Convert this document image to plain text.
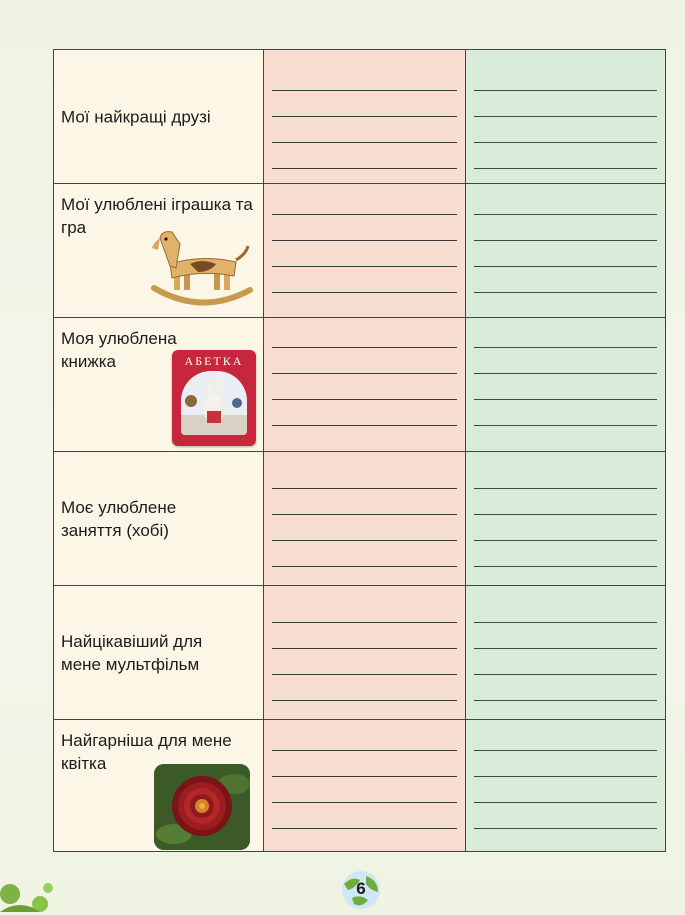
Мої найкращі друзі
Мої улюблені іграшка та гра
Моя улюблена книжка	АБЕТКА
Моє улюблене заняття (хобі)
Найцікавіший для мене мультфільм
Найгарніша для мене квітка
6
